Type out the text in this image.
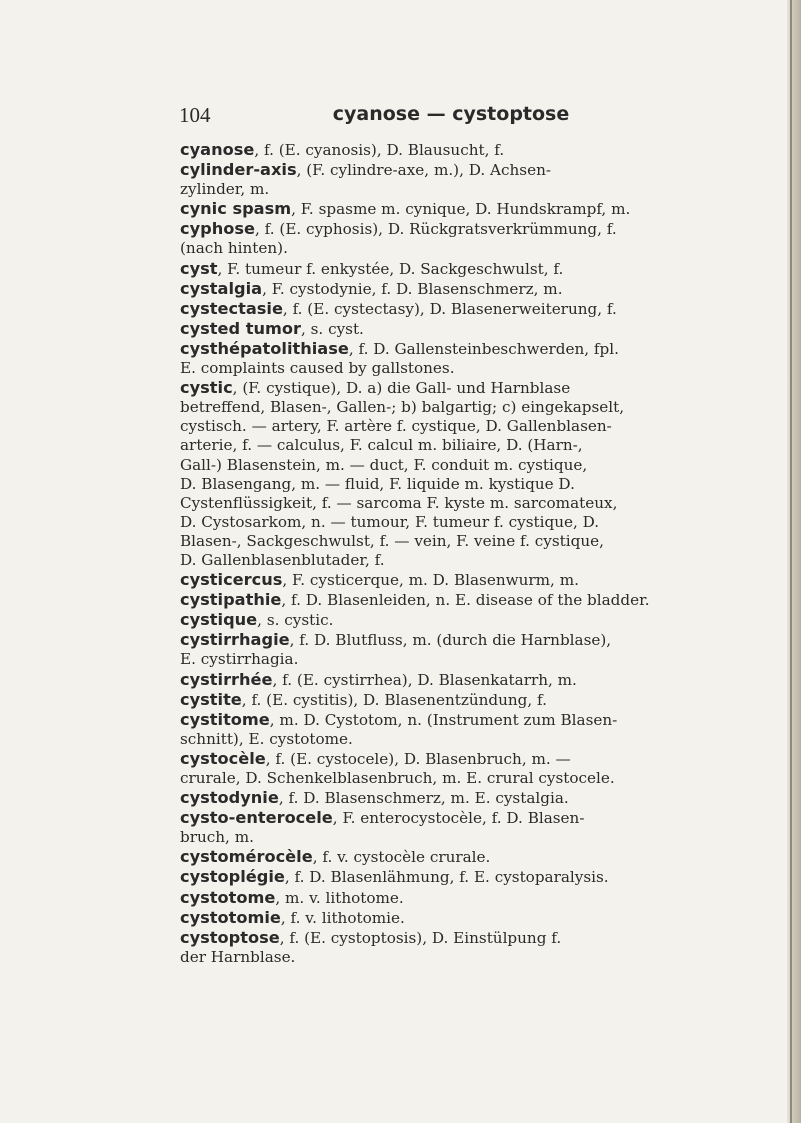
104	cyanose — cystoptose

cyanose, f. (E. cyanosis), D. Blausucht, f.

cylinder-axis, (F. cylindre-axe, m.), D. Achsen-
zylinder, m.

cynic spasm, F. spasme m. cynique, D. Hundskrampf, m.

cyphose, f. (E. cyphosis), D. Rückgratsverkrümmung, f.
(nach hinten).

cyst, F. tumeur f. enkystée, D. Sackgeschwulst, f.

cystalgia, F. cystodynie, f. D. Blasenschmerz, m.

cystectasie, f. (E. cystectasy), D. Blasenerweiterung, f.

cysted tumor, s. cyst.

cysthépatolithiase, f. D. Gallensteinbeschwerden, fpl.
E. complaints caused by gallstones.

cystic, (F. cystique), D. a) die Gall- und Harnblase
betreffend, Blasen-, Gallen-; b) balgartig; c) eingekapselt,
cystisch. — artery, F. artère f. cystique, D. Gallenblasen-
arterie, f. — calculus, F. calcul m. biliaire, D. (Harn-,
Gall-) Blasenstein, m. — duct, F. conduit m. cystique,
D. Blasengang, m. — fluid, F. liquide m. kystique D.
Cystenflüssigkeit, f. — sarcoma F. kyste m. sarcomateux,
D. Cystosarkom, n. — tumour, F. tumeur f. cystique, D.
Blasen-, Sackgeschwulst, f. — vein, F. veine f. cystique,
D. Gallenblasenblutader, f.

cysticercus, F. cysticerque, m. D. Blasenwurm, m.

cystipathie, f. D. Blasenleiden, n. E. disease of the bladder.

cystique, s. cystic.

cystirrhagie, f. D. Blutfluss, m. (durch die Harnblase),
E. cystirrhagia.

cystirrhée, f. (E. cystirrhea), D. Blasenkatarrh, m.

cystite, f. (E. cystitis), D. Blasenentzündung, f.

cystitome, m. D. Cystotom, n. (Instrument zum Blasen-
schnitt), E. cystotome.

cystocèle, f. (E. cystocele), D. Blasenbruch, m. —
crurale, D. Schenkelblasenbruch, m. E. crural cystocele.

cystodynie, f. D. Blasenschmerz, m. E. cystalgia.

cysto-enterocele, F. enterocystocèle, f. D. Blasen-
bruch, m.

cystomérocèle, f. v. cystocèle crurale.

cystoplégie, f. D. Blasenlähmung, f. E. cystoparalysis.

cystotome, m. v. lithotome.

cystotomie, f. v. lithotomie.

cystoptose, f. (E. cystoptosis), D. Einstülpung f.
der Harnblase.
